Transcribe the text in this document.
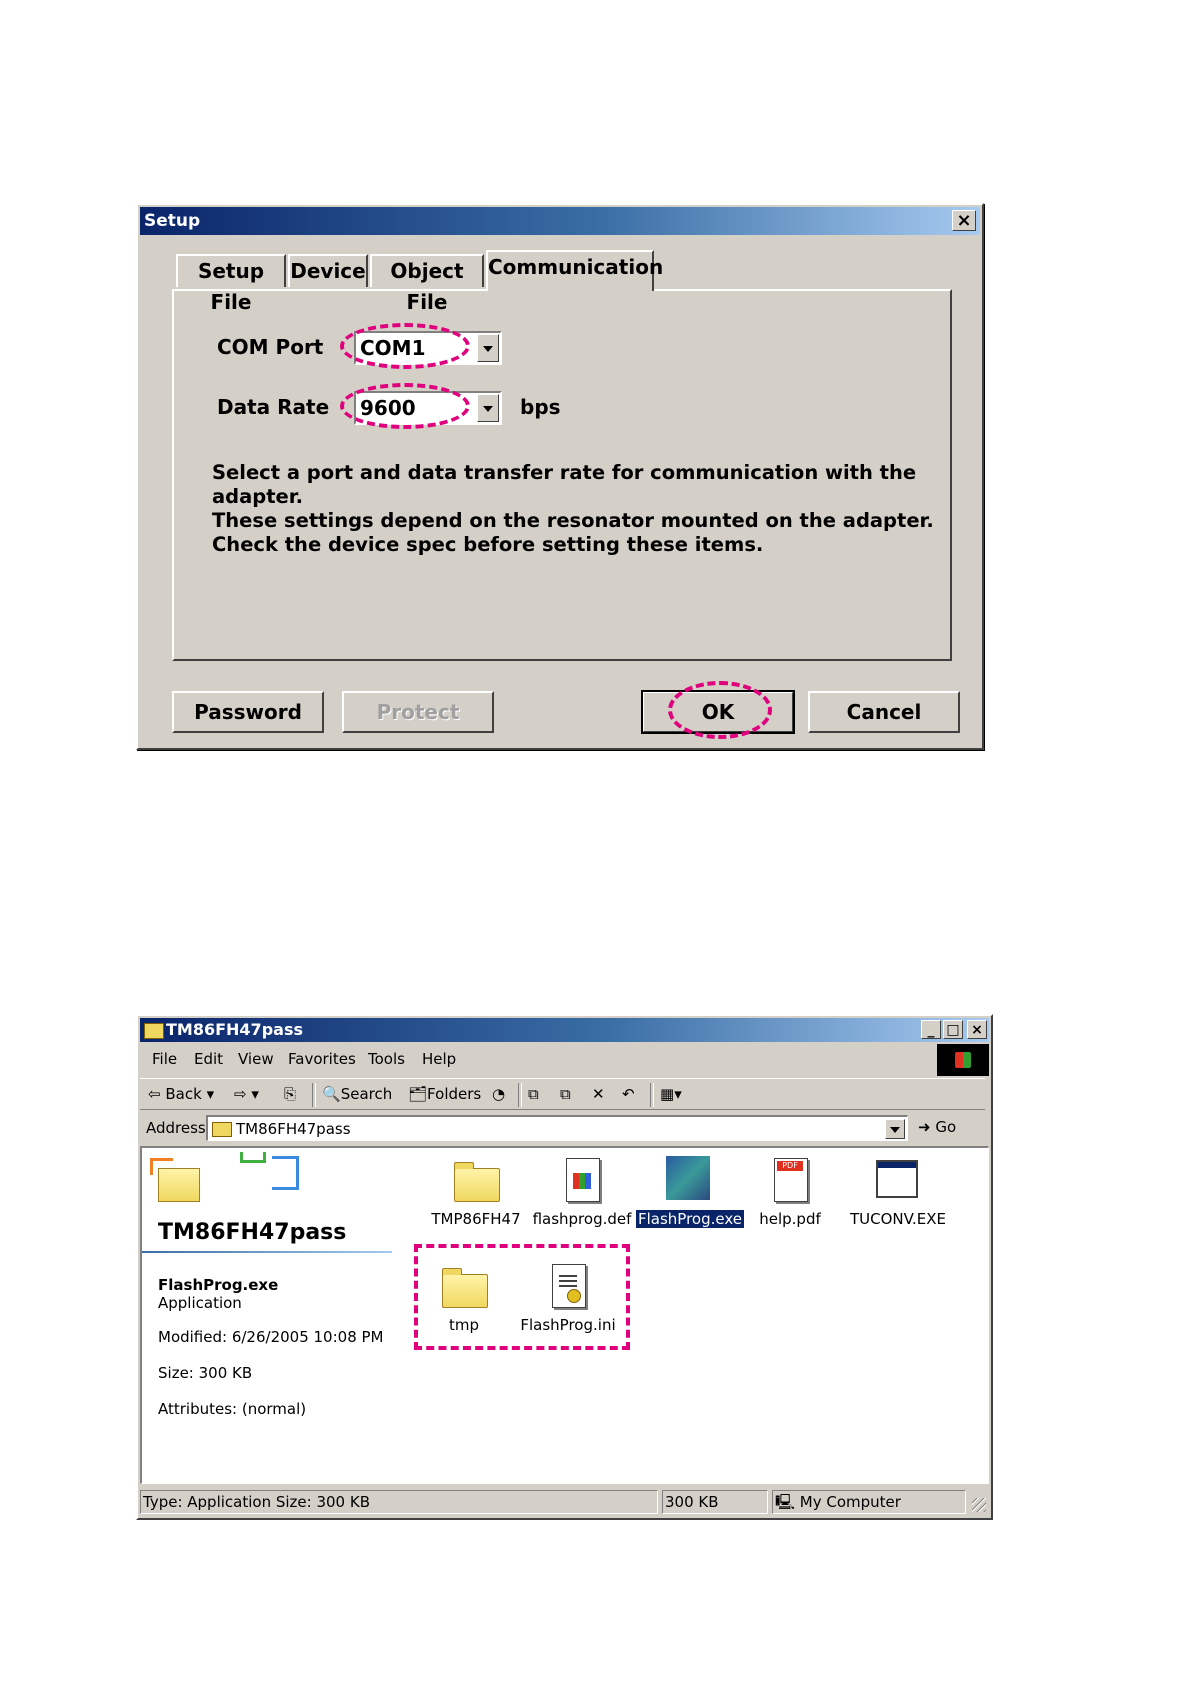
Setup	×
Setup File
Device	Object File
Communication
COM Port COM1
Data Rate 9600	bps
Select a port and data transfer rate for communication with the adapter.
These settings depend on the resonator mounted on the adapter.
Check the device spec before setting these items.
Password	Protect	OK	Cancel
TM86FH47pass	_ □ ×
File Edit View Favorites Tools Help
⇦ Back ▾ ⇨ ▾ ⎘ 🔍Search 🗂Folders ◔ ⧉ ⧉ ✕ ↶ ▦▾
Address TM86FH47pass	➜ Go
TM86FH47pass
FlashProg.exe
Application
Modified: 6/26/2005 10:08 PM
Size: 300 KB
Attributes: (normal)
TMP86FH47 flashprog.def FlashProg.exe
PDF
help.pdf	TUCONV.EXE
tmp	FlashProg.ini
Type: Application Size: 300 KB	300 KB	🖳 My Computer
